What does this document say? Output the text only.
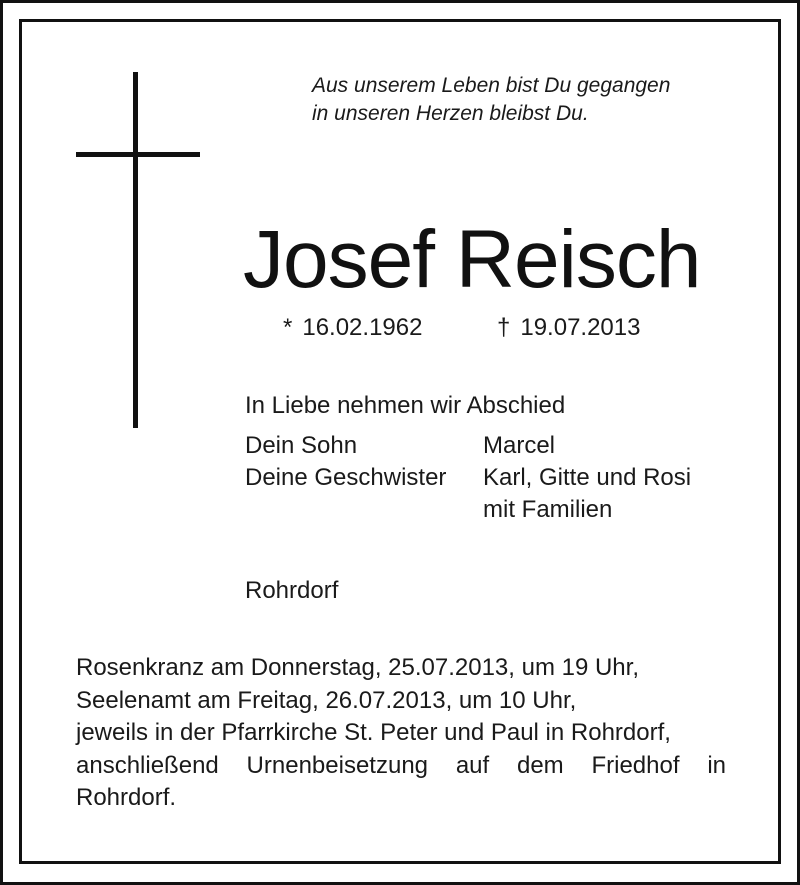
Aus unserem Leben bist Du gegangen
in unseren Herzen bleibst Du.
Josef Reisch
* 16.02.1962	† 19.07.2013
In Liebe nehmen wir Abschied
Dein Sohn	Marcel
Deine Geschwister	Karl, Gitte und Rosi
mit Familien
Rohrdorf
Rosenkranz am Donnerstag, 25.07.2013, um 19 Uhr,
Seelenamt am Freitag, 26.07.2013, um 10 Uhr,
jeweils in der Pfarrkirche St. Peter und Paul in Rohrdorf,
anschließend Urnenbeisetzung auf dem Friedhof in
Rohrdorf.
